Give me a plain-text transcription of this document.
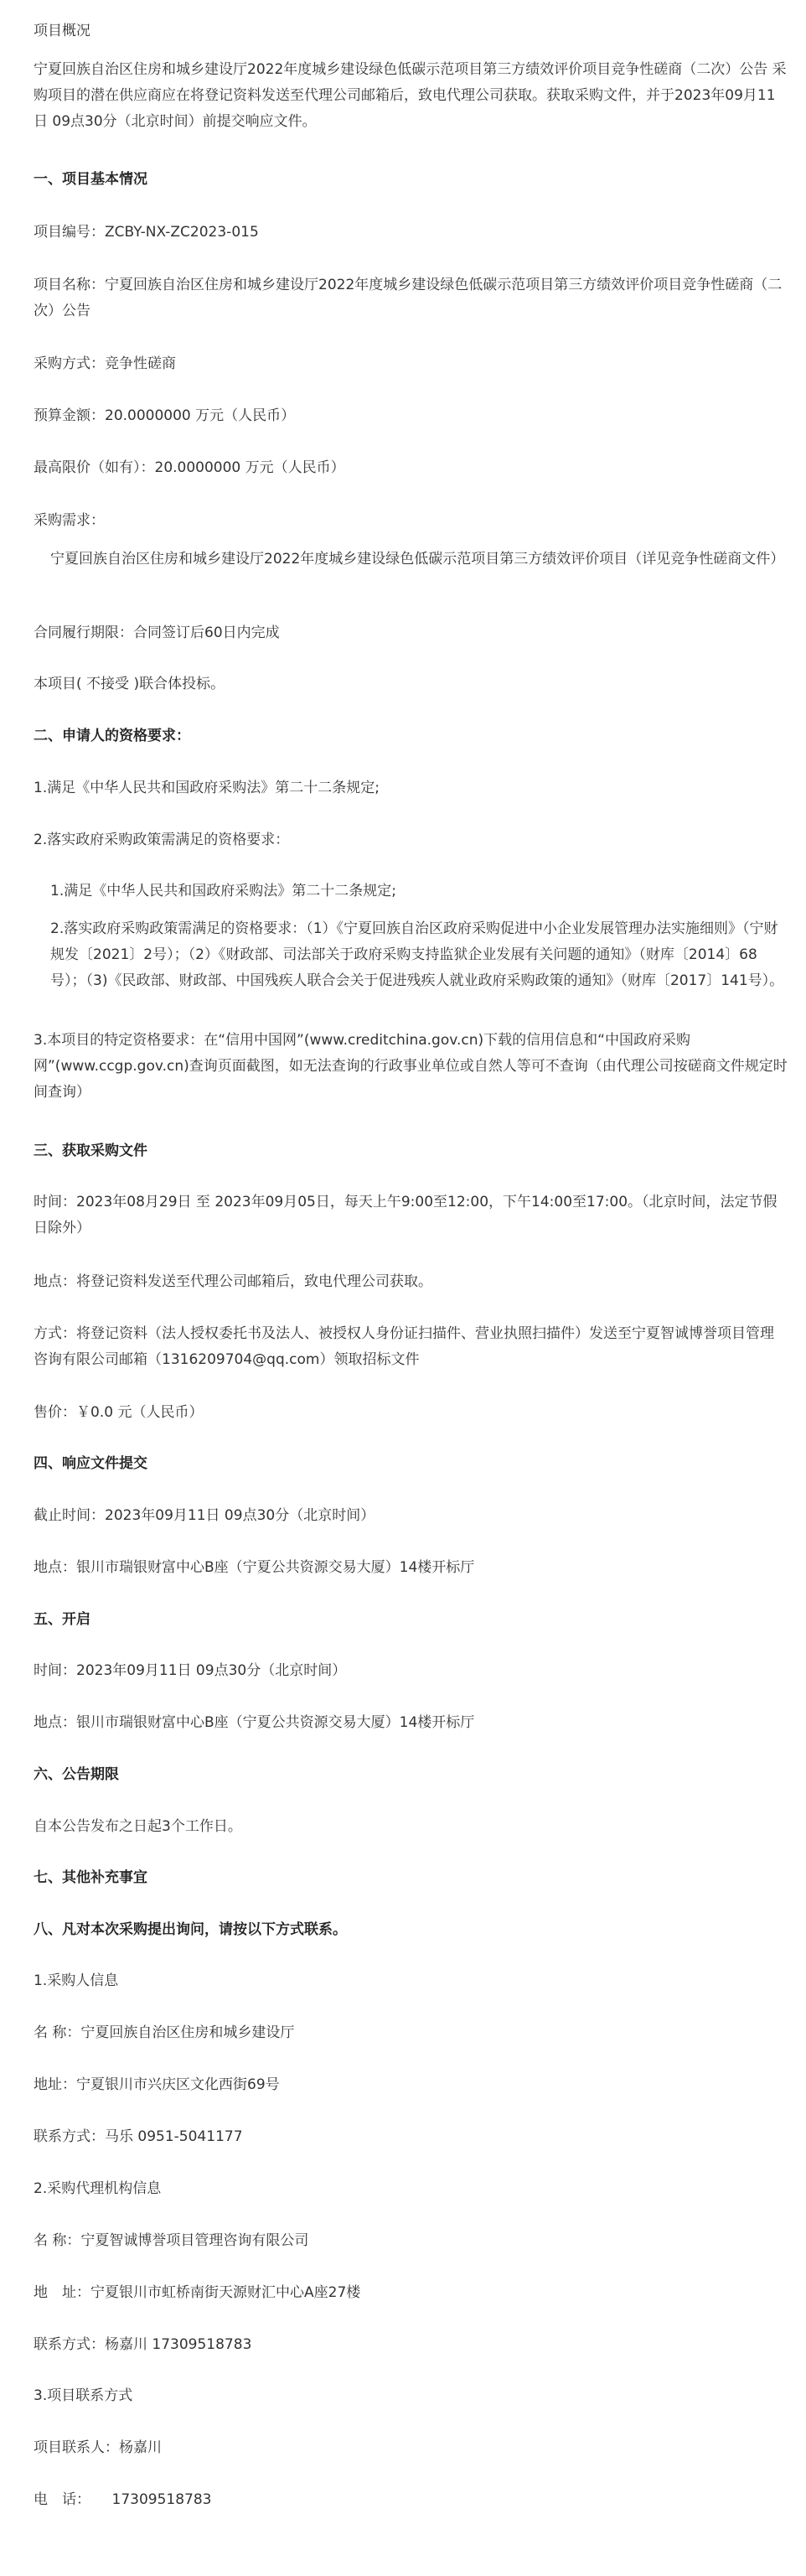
项目概况

宁夏回族自治区住房和城乡建设厅2022年度城乡建设绿色低碳示范项目第三方绩效评价项目竞争性磋商（二次）公告 采购项目的潜在供应商应在将登记资料发送至代理公司邮箱后，致电代理公司获取。获取采购文件，并于2023年09月11日 09点30分（北京时间）前提交响应文件。

一、项目基本情况

项目编号：ZCBY-NX-ZC2023-015

项目名称：宁夏回族自治区住房和城乡建设厅2022年度城乡建设绿色低碳示范项目第三方绩效评价项目竞争性磋商（二次）公告

采购方式：竞争性磋商

预算金额：20.0000000 万元（人民币）

最高限价（如有）：20.0000000 万元（人民币）

采购需求：

宁夏回族自治区住房和城乡建设厅2022年度城乡建设绿色低碳示范项目第三方绩效评价项目（详见竞争性磋商文件）

合同履行期限：合同签订后60日内完成

本项目( 不接受 )联合体投标。

二、申请人的资格要求：

1.满足《中华人民共和国政府采购法》第二十二条规定;

2.落实政府采购政策需满足的资格要求：

1.满足《中华人民共和国政府采购法》第二十二条规定;

2.落实政府采购政策需满足的资格要求：（1）《宁夏回族自治区政府采购促进中小企业发展管理办法实施细则》（宁财规发〔2021〕2号）；（2）《财政部、司法部关于政府采购支持监狱企业发展有关问题的通知》（财库〔2014〕68号）；（3)《民政部、财政部、中国残疾人联合会关于促进残疾人就业政府采购政策的通知》（财库〔2017〕141号）。

3.本项目的特定资格要求：在“信用中国网”(www.creditchina.gov.cn)下载的信用信息和“中国政府采购网”(www.ccgp.gov.cn)查询页面截图，如无法查询的行政事业单位或自然人等可不查询（由代理公司按磋商文件规定时间查询）

三、获取采购文件

时间：2023年08月29日 至 2023年09月05日，每天上午9:00至12:00，下午14:00至17:00。（北京时间，法定节假日除外）

地点：将登记资料发送至代理公司邮箱后，致电代理公司获取。

方式：将登记资料（法人授权委托书及法人、被授权人身份证扫描件、营业执照扫描件）发送至宁夏智诚博誉项目管理咨询有限公司邮箱（1316209704@qq.com）领取招标文件

售价：￥0.0 元（人民币）

四、响应文件提交

截止时间：2023年09月11日 09点30分（北京时间）

地点：银川市瑞银财富中心B座（宁夏公共资源交易大厦）14楼开标厅

五、开启

时间：2023年09月11日 09点30分（北京时间）

地点：银川市瑞银财富中心B座（宁夏公共资源交易大厦）14楼开标厅

六、公告期限

自本公告发布之日起3个工作日。

七、其他补充事宜

八、凡对本次采购提出询问，请按以下方式联系。

1.采购人信息

名 称：宁夏回族自治区住房和城乡建设厅

地址：宁夏银川市兴庆区文化西街69号

联系方式：马乐 0951-5041177

2.采购代理机构信息

名 称：宁夏智诚博誉项目管理咨询有限公司

地　址：宁夏银川市虹桥南街天源财汇中心A座27楼

联系方式：杨嘉川 17309518783

3.项目联系方式

项目联系人：杨嘉川

电　话：　　17309518783
